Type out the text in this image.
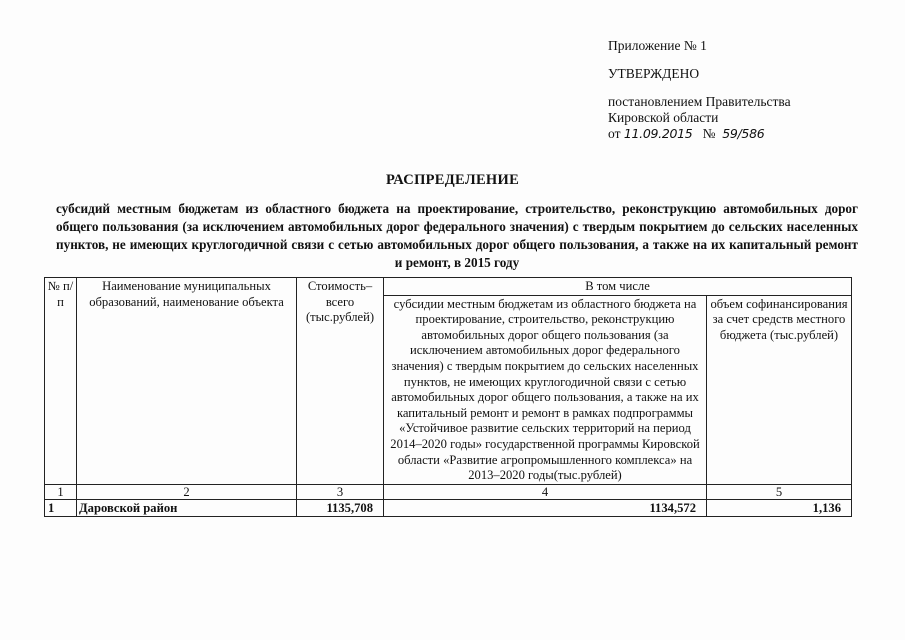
Приложение № 1
УТВЕРЖДЕНО
постановлением Правительства Кировской области
от 11.09.2015 № 59/586
РАСПРЕДЕЛЕНИЕ
субсидий местным бюджетам из областного бюджета на проектирование, строительство, реконструкцию автомобильных дорог общего пользования (за исключением автомобильных дорог федерального значения) с твердым покрытием до сельских населенных пунктов, не имеющих круглогодичной связи с сетью автомобильных дорог общего пользования, а также на их капитальный ремонт и ремонт, в 2015 году
№ п/п	Наименование муниципальных образований, наименование объекта	Стоимость–всего (тыс.рублей)	В том числе	
			субсидии местным бюджетам из областного бюджета на проектирование, строительство, реконструкцию автомобильных дорог общего пользования (за исключением автомобильных дорог федерального значения) с твердым покрытием до сельских населенных пунктов, не имеющих круглогодичной связи с сетью автомобильных дорог общего пользования, а также на их капитальный ремонт и ремонт в рамках подпрограммы «Устойчивое развитие сельских территорий на период 2014–2020 годы» государственной программы Кировской области «Развитие агропромышленного комплекса» на 2013–2020 годы(тыс.рублей)	объем софинансирования за счет средств местного бюджета (тыс.рублей)
1	2	3	4	5
1	Даровской район	1135,708	1134,572	1,136
